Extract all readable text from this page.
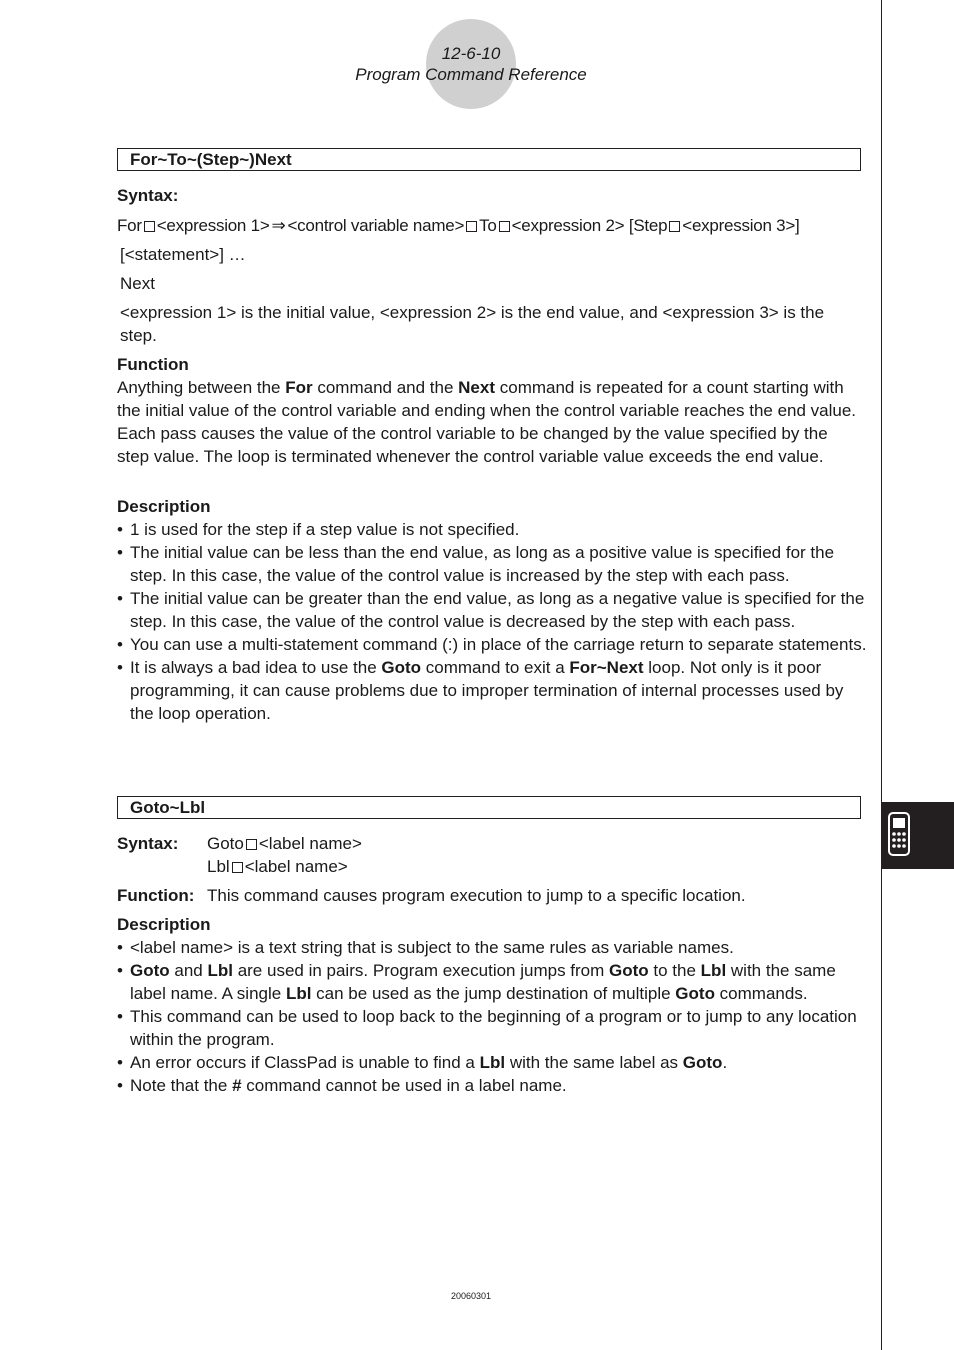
12-6-10
Program Command Reference
For~To~(Step~)Next
Syntax:
For <expression 1> ⇒ <control variable name> To <expression 2> [Step <expression 3>]
[<statement>] …
Next
<expression 1> is the initial value, <expression 2> is the end value, and <expression 3> is the step.
Function
Anything between the For command and the Next command is repeated for a count starting with the initial value of the control variable and ending when the control variable reaches the end value. Each pass causes the value of the control variable to be changed by the value specified by the step value. The loop is terminated whenever the control variable value exceeds the end value.
Description
• 1 is used for the step if a step value is not specified.
• The initial value can be less than the end value, as long as a positive value is specified for the step. In this case, the value of the control value is increased by the step with each pass.
• The initial value can be greater than the end value, as long as a negative value is specified for the step. In this case, the value of the control value is decreased by the step with each pass.
• You can use a multi-statement command (:) in place of the carriage return to separate statements.
• It is always a bad idea to use the Goto command to exit a For~Next loop. Not only is it poor programming, it can cause problems due to improper termination of internal processes used by the loop operation.
Goto~Lbl
Syntax: Goto <label name>
Lbl <label name>
Function: This command causes program execution to jump to a specific location.
Description
• <label name> is a text string that is subject to the same rules as variable names.
• Goto and Lbl are used in pairs. Program execution jumps from Goto to the Lbl with the same label name. A single Lbl can be used as the jump destination of multiple Goto commands.
• This command can be used to loop back to the beginning of a program or to jump to any location within the program.
• An error occurs if ClassPad is unable to find a Lbl with the same label as Goto.
• Note that the # command cannot be used in a label name.
20060301
